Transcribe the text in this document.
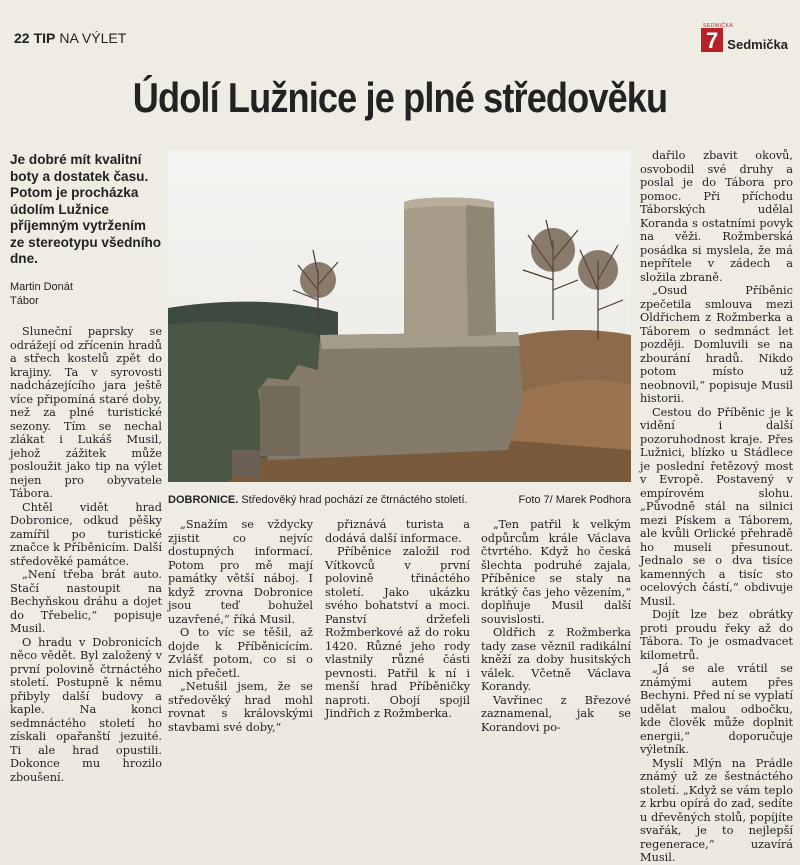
22 TIP NA VÝLET
SEDMIČKA
7 Sedmička
Údolí Lužnice je plné středověku
Je dobré mít kvalitní boty a dostatek času. Potom je procházka údolím Lužnice příjemným vytržením ze stereotypu všedního dne.
Martin Donát
Tábor

Sluneční paprsky se odrážejí od zřícenin hradů a střech kostelů zpět do krajiny. Ta v syrovosti nadcházejícího jara ještě více připomíná staré doby, než za plné turistické sezony. Tím se nechal zlákat i Lukáš Musil, jehož zážitek může posloužit jako tip na výlet nejen pro obyvatele Tábora.

Chtěl vidět hrad Dobronice, odkud pěšky zamířil po turistické značce k Příběnicím. Další středověké památce.

„Není třeba brát auto. Stačí nastoupit na Bechyňskou dráhu a dojet do Třebelic,“ popisuje Musil.

O hradu v Dobronicích něco vědět. Byl založený v první polovině čtrnáctého století. Postupně k němu přibyly další budovy a kaple. Na konci sedmnáctého století ho získali opařanští jezuité. Ti ale hrad opustili. Dokonce mu hrozilo zboušení.

DOBRONICE. Středověký hrad pochází ze čtrnáctého století.	Foto 7/ Marek Podhora

„Snažím se vždycky zjistit co nejvíc dostupných informací. Potom pro mě mají památky větší náboj. I když zrovna Dobronice jsou teď bohužel uzavřené,“ říká Musil.

O to víc se těšil, až dojde k Příběnicícím. Zvlášť potom, co si o nich přečetl.

„Netušil jsem, že se středověký hrad mohl rovnat s královskými stavbami své doby,“

přiznává turista a dodává další informace.

Příběnice založil rod Vítkovců v první polovině třináctého století. Jako ukázku svého bohatství a moci. Panství držeťeli Rožmberkové až do roku 1420. Různé jeho rody vlastnily různé části pevnosti. Patřil k ní i menší hrad Příběničky naproti. Obojí spojil Jindřich z Rožmberka.

„Ten patřil k velkým odpůrcům krále Václava čtvrtého. Když ho česká šlechta podruhé zajala, Příběnice se staly na krátký čas jeho vězením,“ doplňuje Musil další souvislosti.

Oldřich z Rožmberka tady zase věznil radikální kněží za doby husitských válek. Včetně Václava Korandy.

Vavřinec z Březové zaznamenal, jak se Korandovi po-

dařilo zbavit okovů, osvobodil své druhy a poslal je do Tábora pro pomoc. Při příchodu Táborských udělal Koranda s ostatními povyk na věži. Rožmberská posádka si myslela, že má nepřítele v zádech a složila zbraně.

„Osud Příběnic zpečetila smlouva mezi Oldřichem z Rožmberka a Táborem o sedmnáct let později. Domluvili se na zbourání hradů. Nikdo potom místo už neobnovil,“ popisuje Musil historii.

Cestou do Příběnic je k vidění i další pozoruhodnost kraje. Přes Lužnici, blízko u Stádlece je poslední řetězový most v Evropě. Postavený v empírovém slohu. „Původně stál na silnici mezi Pískem a Táborem, ale kvůli Orlické přehradě ho museli přesunout. Jednalo se o dva tisíce kamenných a tisíc sto ocelových částí,“ obdivuje Musil.

Dojít lze bez obrátky proti proudu řeky až do Tábora. To je osmadvacet kilometrů.

„Já se ale vrátil se známými autem přes Bechyni. Před ní se vyplatí udělat malou odbočku, kde člověk může doplnit energii,“ doporučuje výletník.

Myslí Mlýn na Prádle známý už ze šestnáctého století. „Když se vám teplo z krbu opírá do zad, sedíte u dřevěných stolů, popíjíte svařák, je to nejlepší regenerace,“ uzavírá Musil.
